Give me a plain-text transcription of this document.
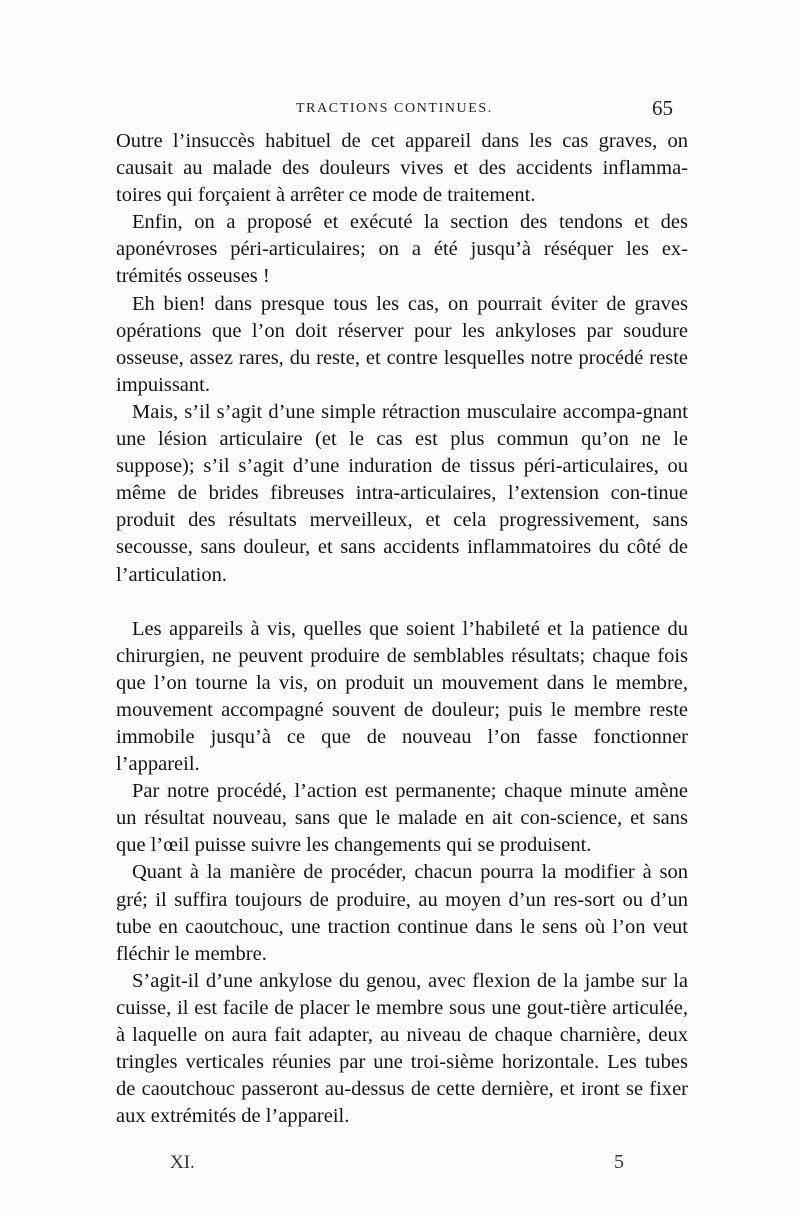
TRACTIONS CONTINUES.	65

Outre l’insuccès habituel de cet appareil dans les cas graves, on causait au malade des douleurs vives et des accidents inflamma-toires qui forçaient à arrêter ce mode de traitement.

Enfin, on a proposé et exécuté la section des tendons et des aponévroses péri-articulaires; on a été jusqu’à réséquer les ex-trémités osseuses !

Eh bien! dans presque tous les cas, on pourrait éviter de graves opérations que l’on doit réserver pour les ankyloses par soudure osseuse, assez rares, du reste, et contre lesquelles notre procédé reste impuissant.

Mais, s’il s’agit d’une simple rétraction musculaire accompa-gnant une lésion articulaire (et le cas est plus commun qu’on ne le suppose); s’il s’agit d’une induration de tissus péri-articulaires, ou même de brides fibreuses intra-articulaires, l’extension con-tinue produit des résultats merveilleux, et cela progressivement, sans secousse, sans douleur, et sans accidents inflammatoires du côté de l’articulation.

Les appareils à vis, quelles que soient l’habileté et la patience du chirurgien, ne peuvent produire de semblables résultats; chaque fois que l’on tourne la vis, on produit un mouvement dans le membre, mouvement accompagné souvent de douleur; puis le membre reste immobile jusqu’à ce que de nouveau l’on fasse fonctionner l’appareil.

Par notre procédé, l’action est permanente; chaque minute amène un résultat nouveau, sans que le malade en ait con-science, et sans que l’œil puisse suivre les changements qui se produisent.

Quant à la manière de procéder, chacun pourra la modifier à son gré; il suffira toujours de produire, au moyen d’un res-sort ou d’un tube en caoutchouc, une traction continue dans le sens où l’on veut fléchir le membre.

S’agit-il d’une ankylose du genou, avec flexion de la jambe sur la cuisse, il est facile de placer le membre sous une gout-tière articulée, à laquelle on aura fait adapter, au niveau de chaque charnière, deux tringles verticales réunies par une troi-sième horizontale. Les tubes de caoutchouc passeront au-dessus de cette dernière, et iront se fixer aux extrémités de l’appareil.

XI.	5
